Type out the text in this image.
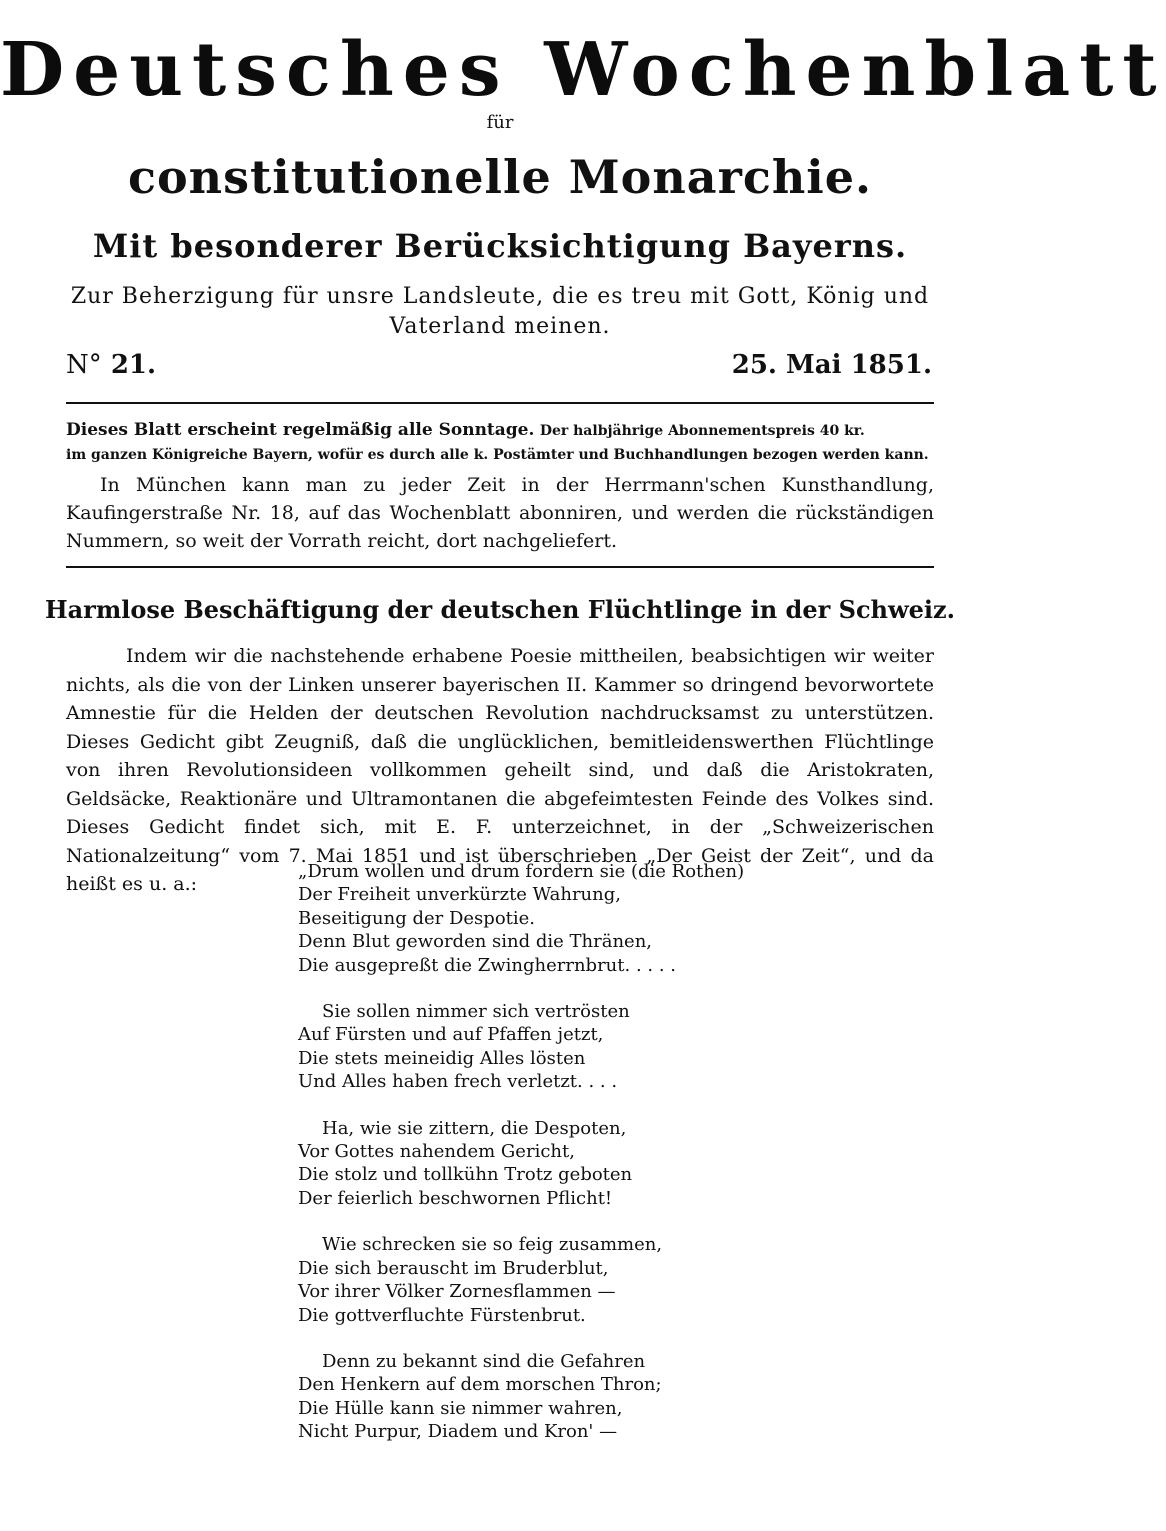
Deutsches Wochenblatt
für
constitutionelle Monarchie.
Mit besonderer Berücksichtigung Bayerns.
Zur Beherzigung für unsre Landsleute, die es treu mit Gott, König und Vaterland meinen.
N° 21.	25. Mai 1851.
Dieses Blatt erscheint regelmäßig alle Sonntage. Der halbjährige Abonnementspreis 40 kr.
im ganzen Königreiche Bayern, wofür es durch alle k. Postämter und Buchhandlungen bezogen werden kann.
In München kann man zu jeder Zeit in der Herrmann'schen Kunsthandlung, Kaufingerstraße Nr. 18, auf das Wochenblatt abonniren, und werden die rückständigen Nummern, so weit der Vorrath reicht, dort nachgeliefert.
Harmlose Beschäftigung der deutschen Flüchtlinge in der Schweiz.
Indem wir die nachstehende erhabene Poesie mittheilen, beabsichtigen wir weiter nichts, als die von der Linken unserer bayerischen II. Kammer so dringend bevorwortete Amnestie für die Helden der deutschen Revolution nachdrucksamst zu unterstützen. Dieses Gedicht gibt Zeugniß, daß die unglücklichen, bemitleidenswerthen Flüchtlinge von ihren Revolutionsideen vollkommen geheilt sind, und daß die Aristokraten, Geldsäcke, Reaktionäre und Ultramontanen die abgefeimtesten Feinde des Volkes sind. Dieses Gedicht findet sich, mit E. F. unterzeichnet, in der „Schweizerischen Nationalzeitung“ vom 7. Mai 1851 und ist überschrieben „Der Geist der Zeit“, und da heißt es u. a.:
„Drum wollen und drum fordern sie (die Rothen)
Der Freiheit unverkürzte Wahrung,
Beseitigung der Despotie.
Denn Blut geworden sind die Thränen,
Die ausgepreßt die Zwingherrnbrut. . . . .
Sie sollen nimmer sich vertrösten
Auf Fürsten und auf Pfaffen jetzt,
Die stets meineidig Alles lösten
Und Alles haben frech verletzt. . . .
Ha, wie sie zittern, die Despoten,
Vor Gottes nahendem Gericht,
Die stolz und tollkühn Trotz geboten
Der feierlich beschwornen Pflicht!
Wie schrecken sie so feig zusammen,
Die sich berauscht im Bruderblut,
Vor ihrer Völker Zornesflammen —
Die gottverfluchte Fürstenbrut.
Denn zu bekannt sind die Gefahren
Den Henkern auf dem morschen Thron;
Die Hülle kann sie nimmer wahren,
Nicht Purpur, Diadem und Kron' —
